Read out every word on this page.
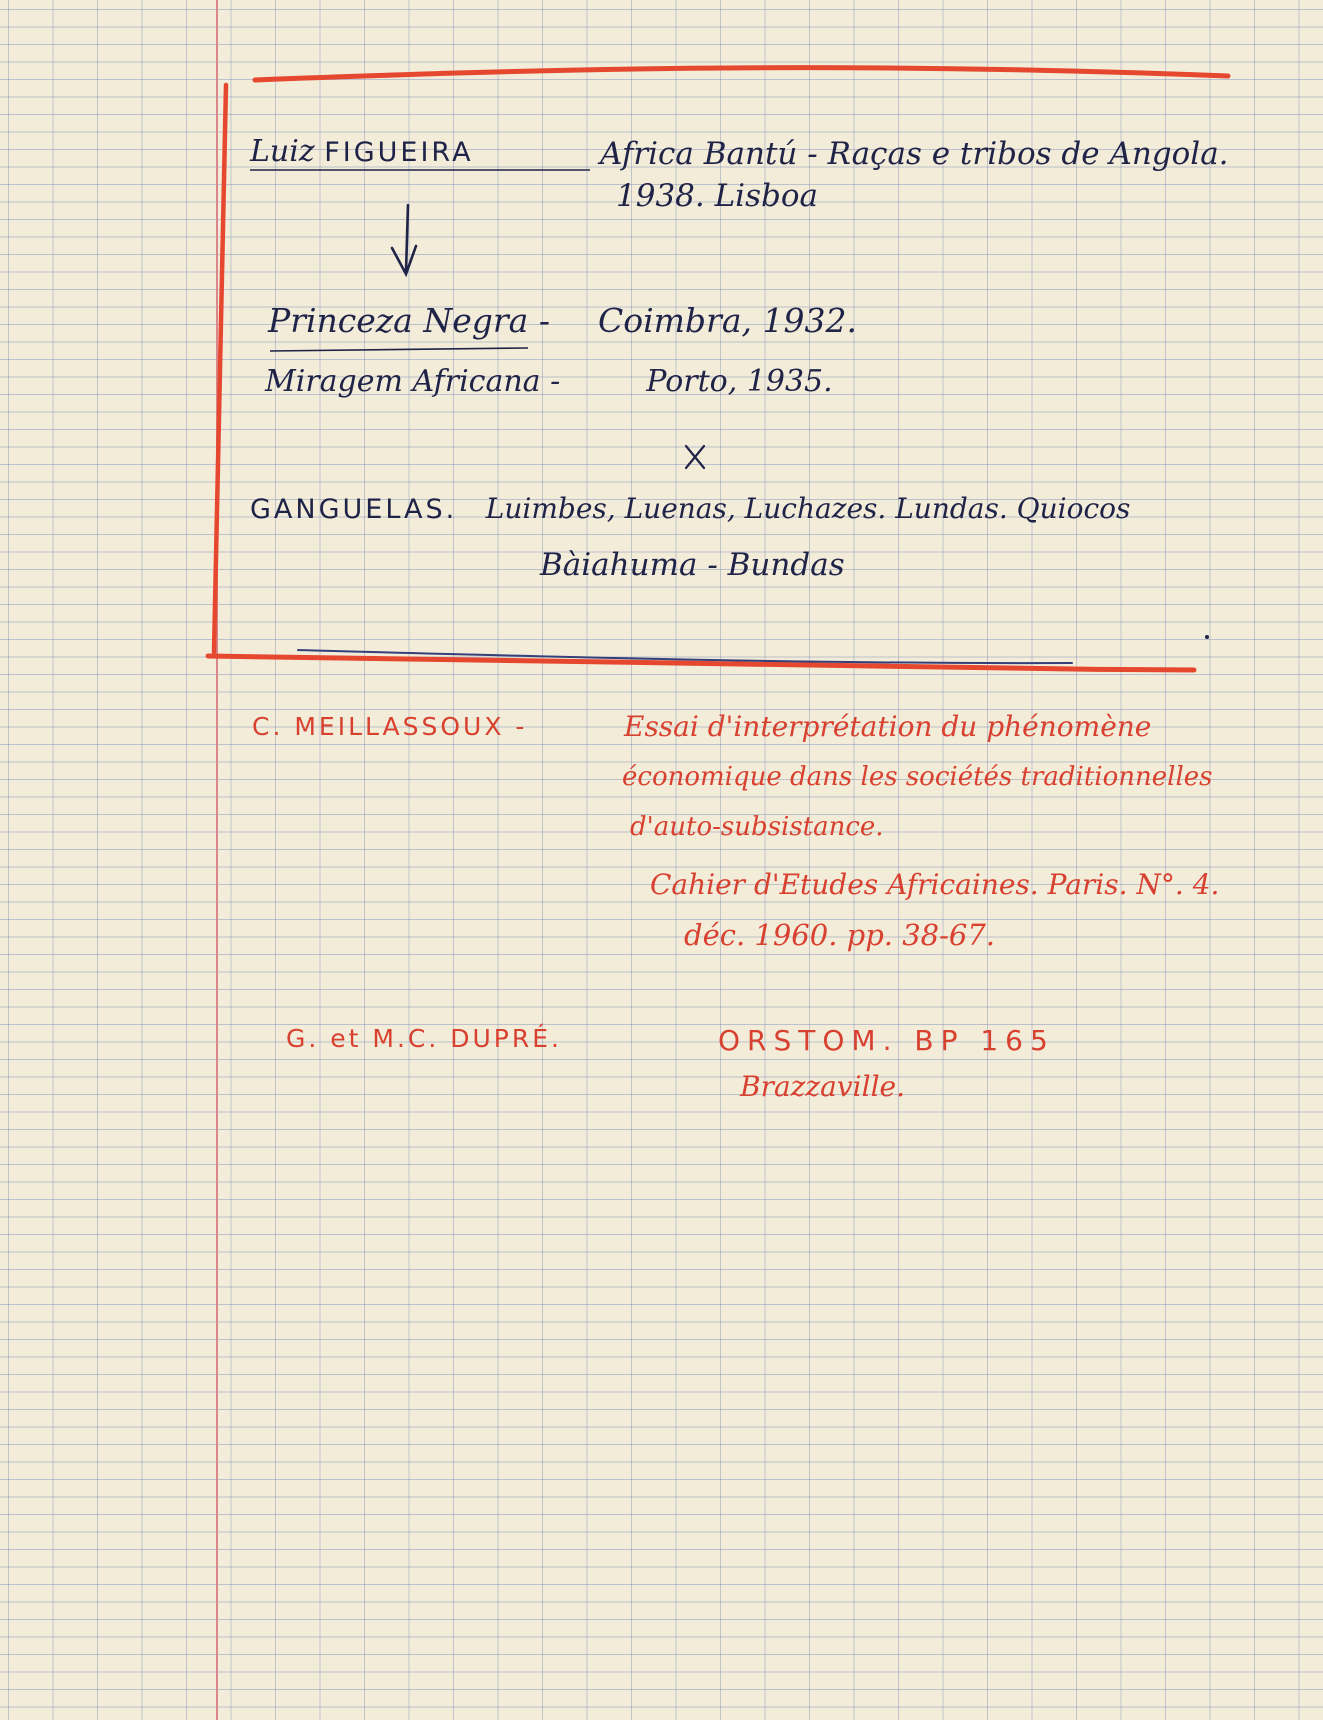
Luiz FIGUEIRA	Africa Bantú - Raças e tribos de Angola.
1938. Lisboa
Princeza Negra - Coimbra, 1932.
Miragem Africana -	Porto, 1935.
GANGUELAS. Luimbes, Luenas, Luchazes. Lundas. Quiocos
Bàiahuma - Bundas
C. MEILLASSOUX -	Essai d'interprétation du phénomène
économique dans les sociétés traditionnelles
d'auto-subsistance.
Cahier d'Etudes Africaines. Paris. N°. 4.
déc. 1960. pp. 38-67.
G. et M.C. DUPRÉ.	ORSTOM. BP 165
Brazzaville.
